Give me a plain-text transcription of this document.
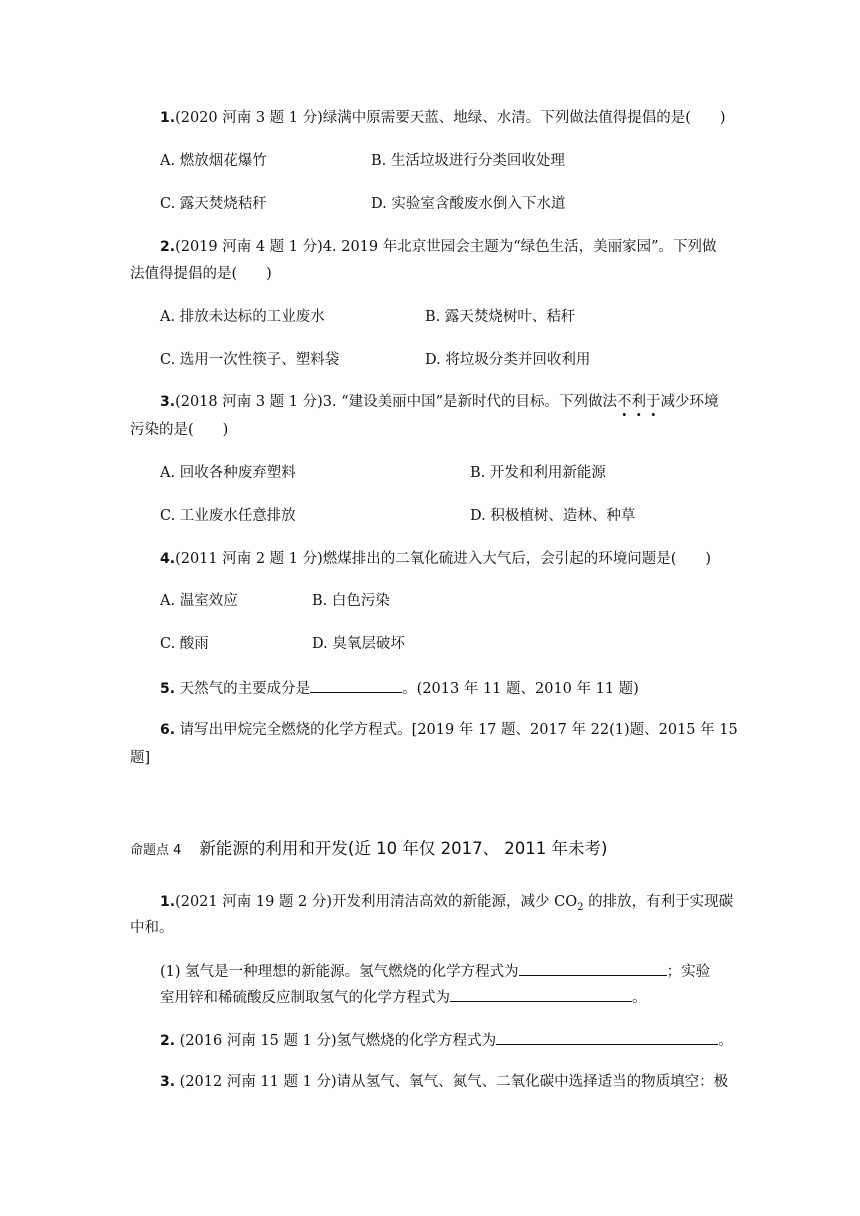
1.(2020 河南 3 题 1 分)绿满中原需要天蓝、地绿、水清。下列做法值得提倡的是(　　)
A. 燃放烟花爆竹	B. 生活垃圾进行分类回收处理
C. 露天焚烧秸秆	D. 实验室含酸废水倒入下水道
2.(2019 河南 4 题 1 分)4. 2019 年北京世园会主题为“绿色生活，美丽家园”。下列做
法值得提倡的是(　　)
A. 排放未达标的工业废水	B. 露天焚烧树叶、秸秆
C. 选用一次性筷子、塑料袋	D. 将垃圾分类并回收利用
3.(2018 河南 3 题 1 分)3. “建设美丽中国”是新时代的目标。下列做法不利于减少环境
污染的是(　　)
A. 回收各种废弃塑料	B. 开发和利用新能源
C. 工业废水任意排放	D. 积极植树、造林、种草
4.(2011 河南 2 题 1 分)燃煤排出的二氧化硫进入大气后，会引起的环境问题是(　　)
A. 温室效应	B. 白色污染
C. 酸雨	D. 臭氧层破坏
5. 天然气的主要成分是	。(2013 年 11 题、2010 年 11 题)
6. 请写出甲烷完全燃烧的化学方程式。[2019 年 17 题、2017 年 22(1)题、2015 年 15
题]
命题点 4 新能源的利用和开发(近 10 年仅 2017、 2011 年未考)
1.(2021 河南 19 题 2 分)开发利用清洁高效的新能源，减少 $CO_2$ 的排放，有利于实现碳
中和。
(1) 氢气是一种理想的新能源。氢气燃烧的化学方程式为	；实验
室用锌和稀硫酸反应制取氢气的化学方程式为	。
2. (2016 河南 15 题 1 分)氢气燃烧的化学方程式为	。
3. (2012 河南 11 题 1 分)请从氢气、氧气、氮气、二氧化碳中选择适当的物质填空：极
